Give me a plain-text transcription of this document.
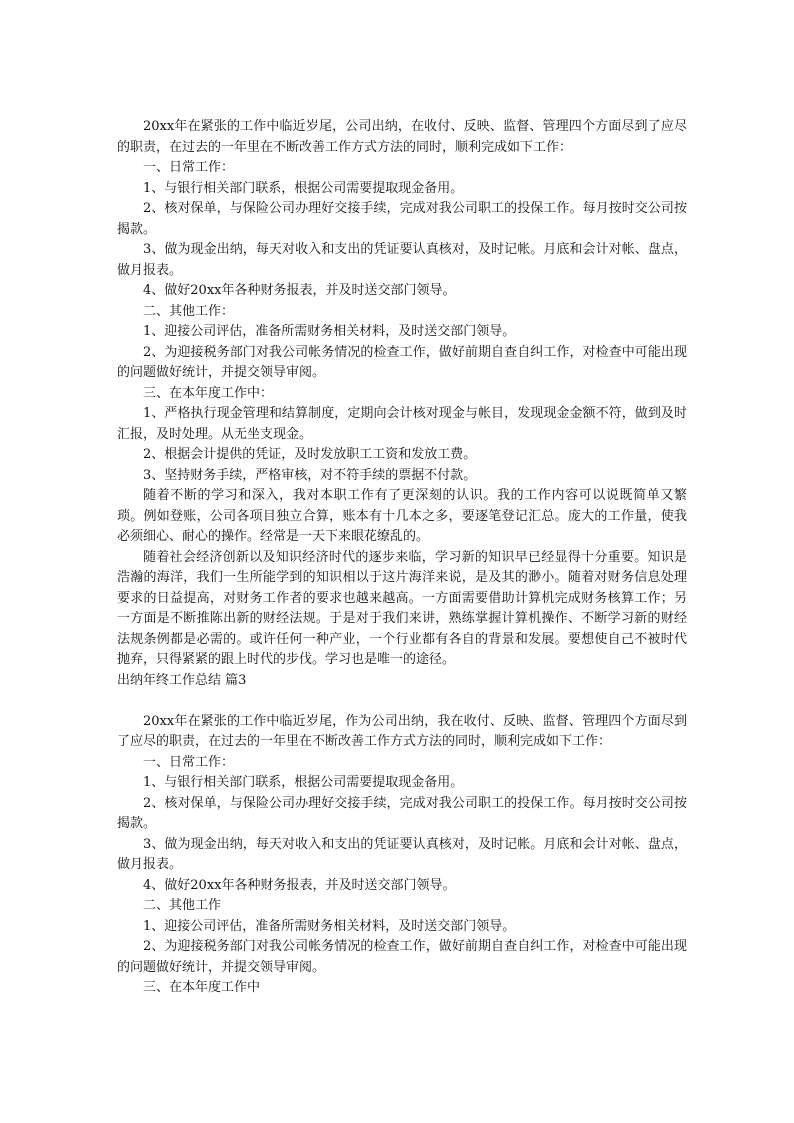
20xx年在紧张的工作中临近岁尾，公司出纳，在收付、反映、监督、管理四个方面尽到了应尽的职责，在过去的一年里在不断改善工作方式方法的同时，顺利完成如下工作：

一、日常工作：

1、与银行相关部门联系，根据公司需要提取现金备用。

2、核对保单，与保险公司办理好交接手续，完成对我公司职工的投保工作。每月按时交公司按揭款。

3、做为现金出纳，每天对收入和支出的凭证要认真核对，及时记帐。月底和会计对帐、盘点，做月报表。

4、做好20xx年各种财务报表，并及时送交部门领导。

二、其他工作：

1、迎接公司评估，准备所需财务相关材料，及时送交部门领导。

2、为迎接税务部门对我公司帐务情况的检查工作，做好前期自查自纠工作，对检查中可能出现的问题做好统计，并提交领导审阅。

三、在本年度工作中：

1、严格执行现金管理和结算制度，定期向会计核对现金与帐目，发现现金金额不符，做到及时汇报，及时处理。从无坐支现金。

2、根据会计提供的凭证，及时发放职工工资和发放工费。

3、坚持财务手续，严格审核，对不符手续的票据不付款。

随着不断的学习和深入，我对本职工作有了更深刻的认识。我的工作内容可以说既简单又繁琐。例如登账，公司各项目独立合算，账本有十几本之多，要逐笔登记汇总。庞大的工作量，使我必须细心、耐心的操作。经常是一天下来眼花缭乱的。

随着社会经济创新以及知识经济时代的逐步来临，学习新的知识早已经显得十分重要。知识是浩瀚的海洋，我们一生所能学到的知识相以于这片海洋来说，是及其的渺小。随着对财务信息处理要求的日益提高，对财务工作者的要求也越来越高。一方面需要借助计算机完成财务核算工作；另一方面是不断推陈出新的财经法规。于是对于我们来讲，熟练掌握计算机操作、不断学习新的财经法规条例都是必需的。或许任何一种产业，一个行业都有各自的背景和发展。要想使自己不被时代抛弃，只得紧紧的跟上时代的步伐。学习也是唯一的途径。

出纳年终工作总结 篇3

20xx年在紧张的工作中临近岁尾，作为公司出纳，我在收付、反映、监督、管理四个方面尽到了应尽的职责，在过去的一年里在不断改善工作方式方法的同时，顺利完成如下工作：

一、日常工作：

1、与银行相关部门联系，根据公司需要提取现金备用。

2、核对保单，与保险公司办理好交接手续，完成对我公司职工的投保工作。每月按时交公司按揭款。

3、做为现金出纳，每天对收入和支出的凭证要认真核对，及时记帐。月底和会计对帐、盘点，做月报表。

4、做好20xx年各种财务报表，并及时送交部门领导。

二、其他工作

1、迎接公司评估，准备所需财务相关材料，及时送交部门领导。

2、为迎接税务部门对我公司帐务情况的检查工作，做好前期自查自纠工作，对检查中可能出现的问题做好统计，并提交领导审阅。

三、在本年度工作中
